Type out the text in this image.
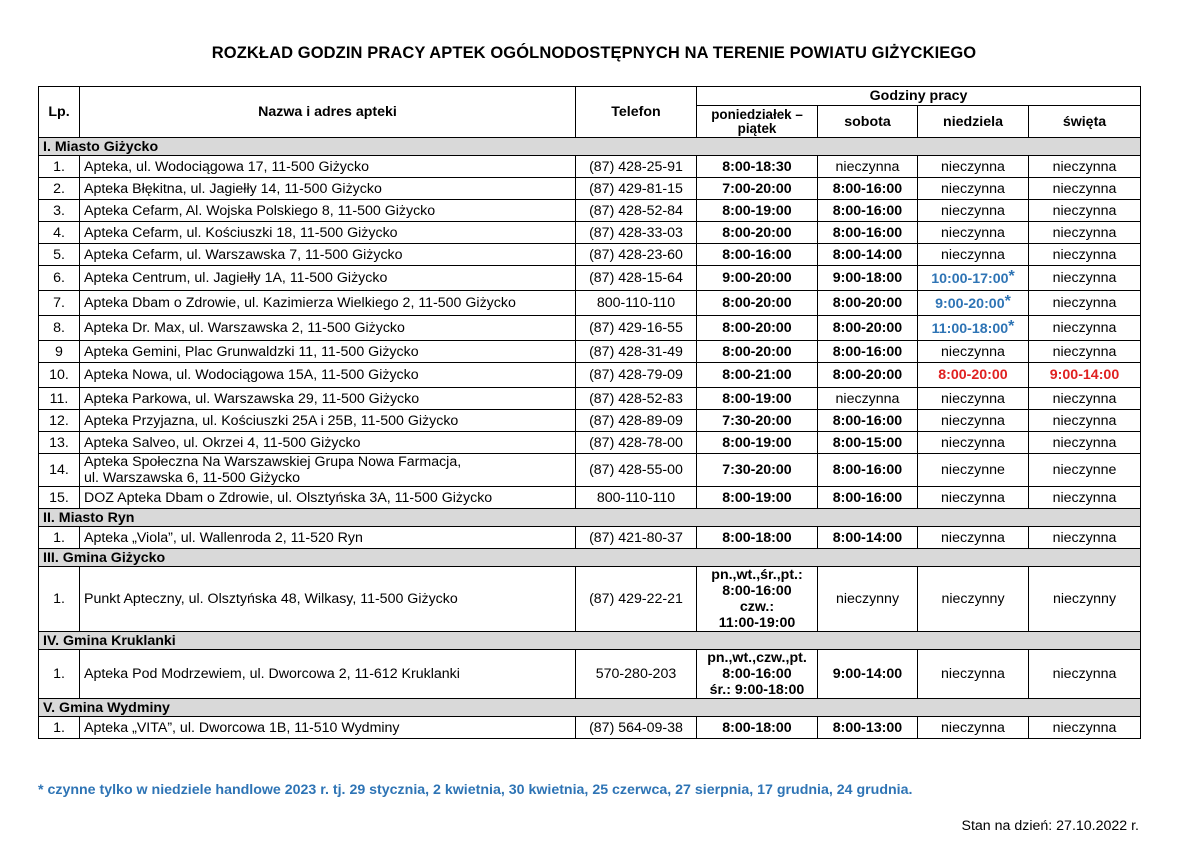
ROZKŁAD GODZIN PRACY APTEK OGÓLNODOSTĘPNYCH NA TERENIE POWIATU GIŻYCKIEGO
Lp.	Nazwa i adres apteki	Telefon	Godziny pracy			
			poniedziałek – piątek	sobota	niedziela	święta
I. Miasto Giżycko						
1.	Apteka, ul. Wodociągowa 17, 11-500 Giżycko	(87) 428-25-91	8:00-18:30	nieczynna	nieczynna	nieczynna
2.	Apteka Błękitna, ul. Jagiełły 14, 11-500 Giżycko	(87) 429-81-15	7:00-20:00	8:00-16:00	nieczynna	nieczynna
3.	Apteka Cefarm, Al. Wojska Polskiego 8, 11-500 Giżycko	(87) 428-52-84	8:00-19:00	8:00-16:00	nieczynna	nieczynna
4.	Apteka Cefarm, ul. Kościuszki 18, 11-500 Giżycko	(87) 428-33-03	8:00-20:00	8:00-16:00	nieczynna	nieczynna
5.	Apteka Cefarm, ul. Warszawska 7, 11-500 Giżycko	(87) 428-23-60	8:00-16:00	8:00-14:00	nieczynna	nieczynna
6.	Apteka Centrum, ul. Jagiełły 1A, 11-500 Giżycko	(87) 428-15-64	9:00-20:00	9:00-18:00	10:00-17:00*	nieczynna
7.	Apteka Dbam o Zdrowie, ul. Kazimierza Wielkiego 2, 11-500 Giżycko	800-110-110	8:00-20:00	8:00-20:00	9:00-20:00*	nieczynna
8.	Apteka Dr. Max, ul. Warszawska 2, 11-500 Giżycko	(87) 429-16-55	8:00-20:00	8:00-20:00	11:00-18:00*	nieczynna
9	Apteka Gemini, Plac Grunwaldzki 11, 11-500 Giżycko	(87) 428-31-49	8:00-20:00	8:00-16:00	nieczynna	nieczynna
10.	Apteka Nowa, ul. Wodociągowa 15A, 11-500 Giżycko	(87) 428-79-09	8:00-21:00	8:00-20:00	8:00-20:00	9:00-14:00
11.	Apteka Parkowa, ul. Warszawska 29, 11-500 Giżycko	(87) 428-52-83	8:00-19:00	nieczynna	nieczynna	nieczynna
12.	Apteka Przyjazna, ul. Kościuszki 25A i 25B, 11-500 Giżycko	(87) 428-89-09	7:30-20:00	8:00-16:00	nieczynna	nieczynna
13.	Apteka Salveo, ul. Okrzei 4, 11-500 Giżycko	(87) 428-78-00	8:00-19:00	8:00-15:00	nieczynna	nieczynna
14.	Apteka Społeczna Na Warszawskiej Grupa Nowa Farmacja,
ul. Warszawska 6, 11-500 Giżycko	(87) 428-55-00	7:30-20:00	8:00-16:00	nieczynne	nieczynne
15.	DOZ Apteka Dbam o Zdrowie, ul. Olsztyńska 3A, 11-500 Giżycko	800-110-110	8:00-19:00	8:00-16:00	nieczynna	nieczynna
II. Miasto Ryn						
1.	Apteka „Viola”, ul. Wallenroda 2, 11-520 Ryn	(87) 421-80-37	8:00-18:00	8:00-14:00	nieczynna	nieczynna
III. Gmina Giżycko						
1.	Punkt Apteczny, ul. Olsztyńska 48, Wilkasy, 11-500 Giżycko	(87) 429-22-21	pn.,wt.,śr.,pt.:
8:00-16:00
czw.:
11:00-19:00	nieczynny	nieczynny	nieczynny
IV. Gmina Kruklanki						
1.	Apteka Pod Modrzewiem, ul. Dworcowa 2, 11-612 Kruklanki	570-280-203	pn.,wt.,czw.,pt.
8:00-16:00
śr.: 9:00-18:00	9:00-14:00	nieczynna	nieczynna
V. Gmina Wydminy						
1.	Apteka „VITA”, ul. Dworcowa 1B, 11-510 Wydminy	(87) 564-09-38	8:00-18:00	8:00-13:00	nieczynna	nieczynna
* czynne tylko w niedziele handlowe 2023 r. tj. 29 stycznia, 2 kwietnia, 30 kwietnia, 25 czerwca, 27 sierpnia, 17 grudnia, 24 grudnia.
Stan na dzień: 27.10.2022 r.
